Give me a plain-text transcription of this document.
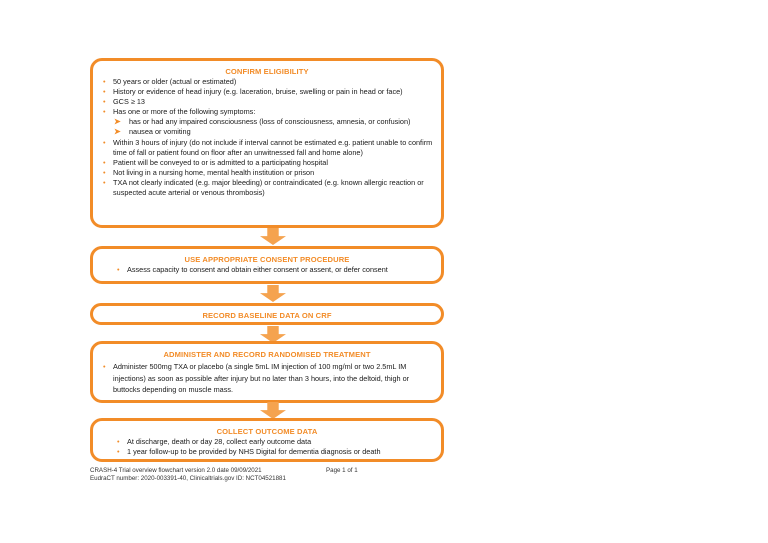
CONFIRM ELIGIBILITY
• 50 years or older (actual or estimated)
• History or evidence of head injury (e.g. laceration, bruise, swelling or pain in head or face)
• GCS ≥ 13
• Has one or more of the following symptoms:
➤ has or had any impaired consciousness (loss of consciousness, amnesia, or confusion)
➤ nausea or vomiting
• Within 3 hours of injury (do not include if interval cannot be estimated e.g. patient unable to confirm time of fall or patient found on floor after an unwitnessed fall and home alone)
• Patient will be conveyed to or is admitted to a participating hospital
• Not living in a nursing home, mental health institution or prison
• TXA not clearly indicated (e.g. major bleeding) or contraindicated (e.g. known allergic reaction or suspected acute arterial or venous thrombosis)
USE APPROPRIATE CONSENT PROCEDURE
• Assess capacity to consent and obtain either consent or assent, or defer consent
RECORD BASELINE DATA ON CRF
ADMINISTER AND RECORD RANDOMISED TREATMENT
• Administer 500mg TXA or placebo (a single 5mL IM injection of 100 mg/ml or two 2.5mL IM injections) as soon as possible after injury but no later than 3 hours, into the deltoid, thigh or buttocks depending on muscle mass.
COLLECT OUTCOME DATA
• At discharge, death or day 28, collect early outcome data
• 1 year follow-up to be provided by NHS Digital for dementia diagnosis or death
CRASH-4 Trial overview flowchart version 2.0 date 09/09/2021	Page 1 of 1

EudraCT number: 2020-003391-40, Clinicaltrials.gov ID: NCT04521881
